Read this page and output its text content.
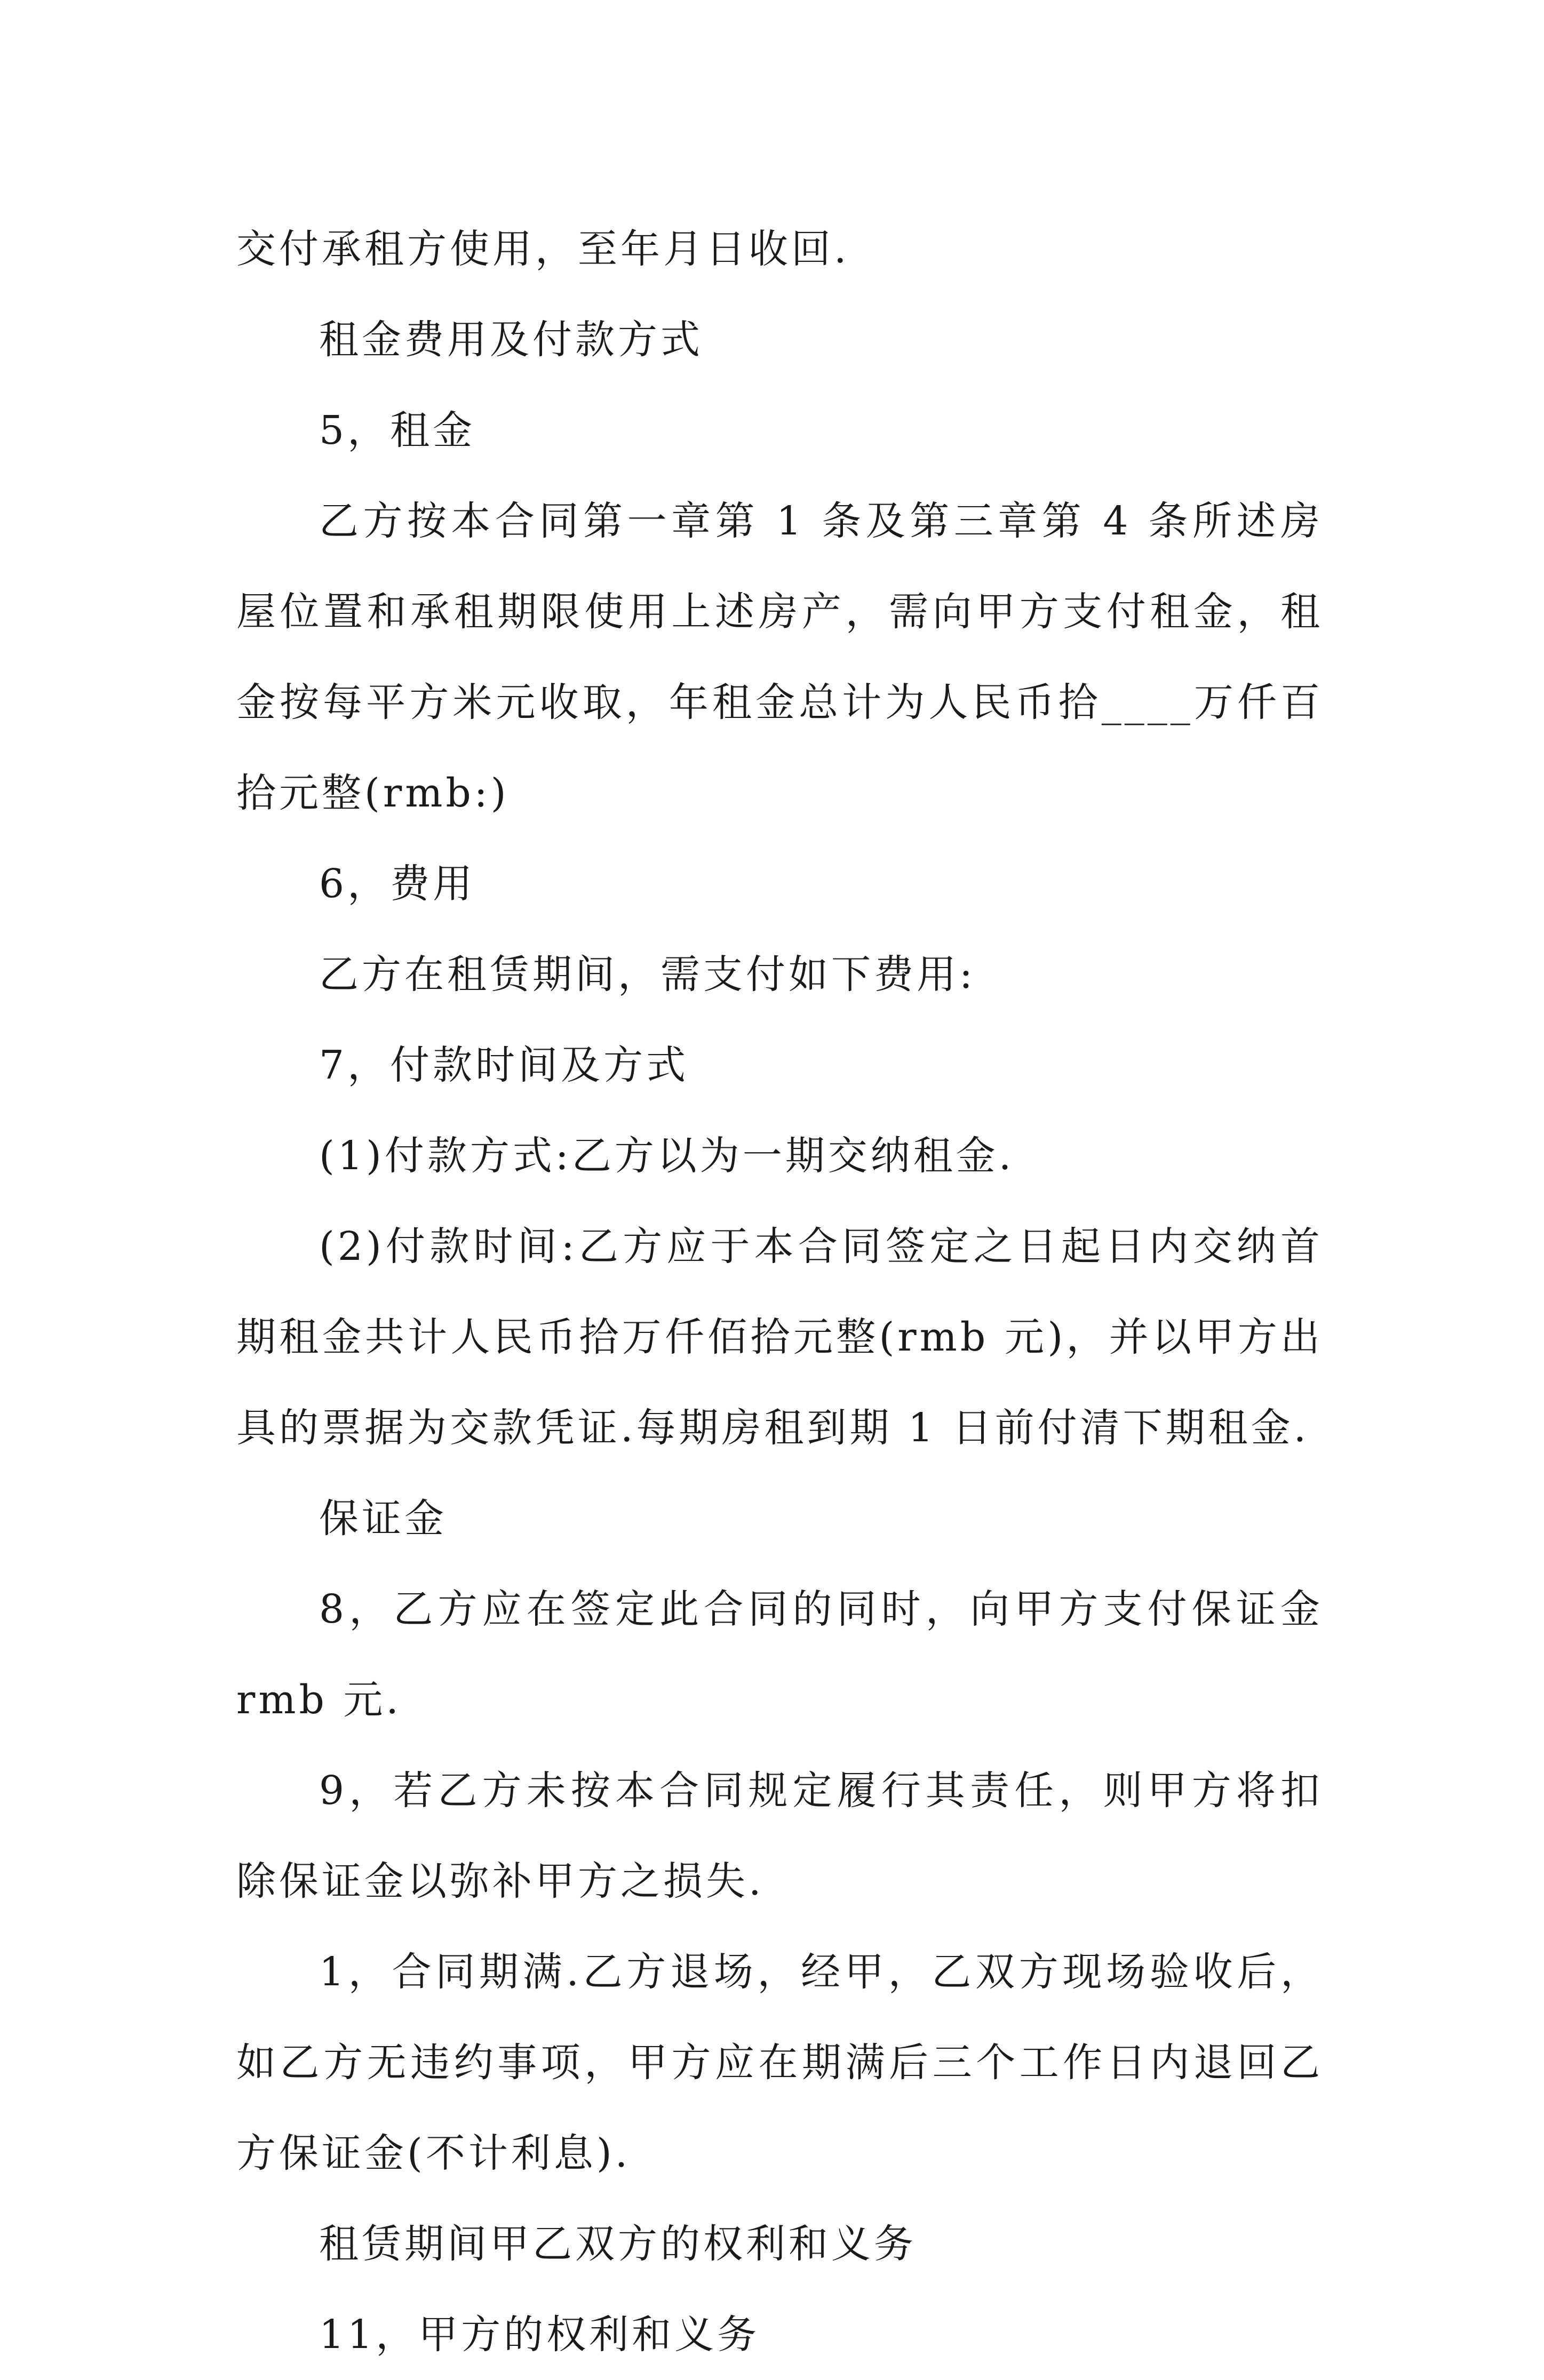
交付承租方使用，至年月日收回.

租金费用及付款方式

5，租金

乙方按本合同第一章第 1 条及第三章第 4 条所述房屋位置和承租期限使用上述房产，需向甲方支付租金，租金按每平方米元收取，年租金总计为人民币拾____万仟百拾元整(rmb:)

6，费用

乙方在租赁期间，需支付如下费用:

7，付款时间及方式

(1)付款方式:乙方以为一期交纳租金.

(2)付款时间:乙方应于本合同签定之日起日内交纳首期租金共计人民币拾万仟佰拾元整(rmb 元)，并以甲方出具的票据为交款凭证.每期房租到期 1 日前付清下期租金.

保证金

8，乙方应在签定此合同的同时，向甲方支付保证金 rmb 元.

9，若乙方未按本合同规定履行其责任，则甲方将扣除保证金以弥补甲方之损失.

1，合同期满.乙方退场，经甲，乙双方现场验收后，如乙方无违约事项，甲方应在期满后三个工作日内退回乙方保证金(不计利息).

租赁期间甲乙双方的权利和义务

11，甲方的权利和义务
